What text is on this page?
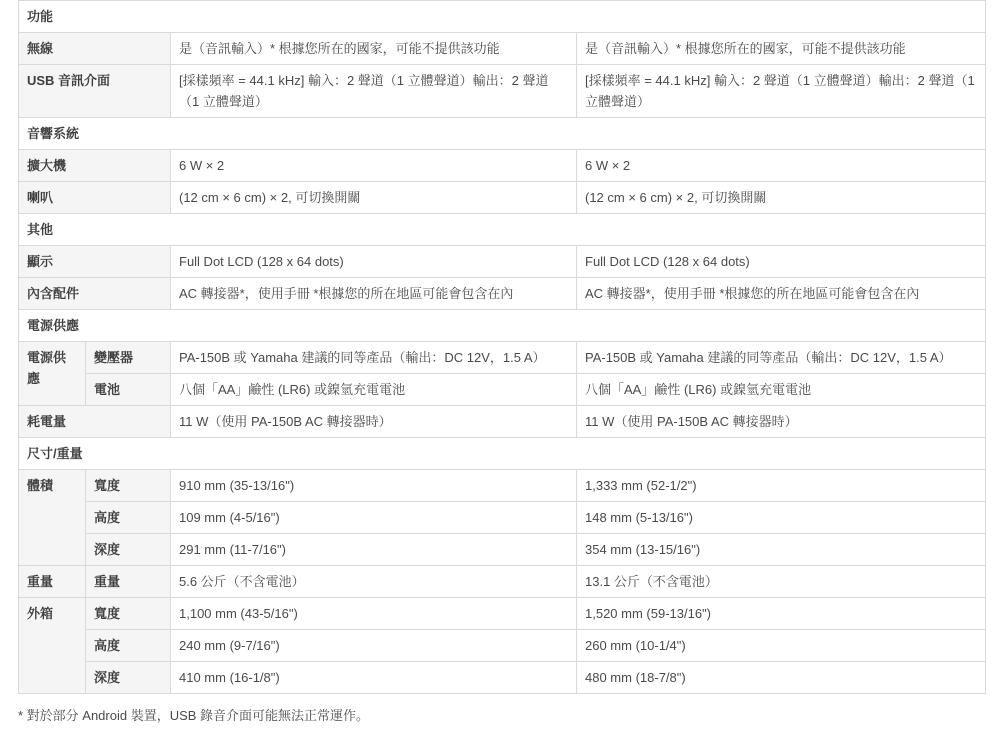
功能			
無線		是（音訊輸入）* 根據您所在的國家，可能不提供該功能	是（音訊輸入）* 根據您所在的國家，可能不提供該功能
USB 音訊介面		[採樣頻率 = 44.1 kHz] 輸入：2 聲道（1 立體聲道）輸出：2 聲道（1 立體聲道）	[採樣頻率 = 44.1 kHz] 輸入：2 聲道（1 立體聲道）輸出：2 聲道（1 立體聲道）
音響系統			
擴大機		6 W × 2	6 W × 2
喇叭		(12 cm × 6 cm) × 2, 可切換開關	(12 cm × 6 cm) × 2, 可切換開關
其他			
顯示		Full Dot LCD (128 x 64 dots)	Full Dot LCD (128 x 64 dots)
內含配件		AC 轉接器*，使用手冊 *根據您的所在地區可能會包含在內	AC 轉接器*，使用手冊 *根據您的所在地區可能會包含在內
電源供應			
電源供應	變壓器	PA-150B 或 Yamaha 建議的同等產品（輸出：DC 12V，1.5 A）	PA-150B 或 Yamaha 建議的同等產品（輸出：DC 12V，1.5 A）
	電池	八個「AA」鹼性 (LR6) 或鎳氫充電電池	八個「AA」鹼性 (LR6) 或鎳氫充電電池
耗電量		11 W（使用 PA-150B AC 轉接器時）	11 W（使用 PA-150B AC 轉接器時）
尺寸/重量			
體積	寬度	910 mm (35-13/16")	1,333 mm (52-1/2")
	高度	109 mm (4-5/16")	148 mm (5-13/16")
	深度	291 mm (11-7/16")	354 mm (13-15/16")
重量	重量	5.6 公斤（不含電池）	13.1 公斤（不含電池）
外箱	寬度	1,100 mm (43-5/16")	1,520 mm (59-13/16")
	高度	240 mm (9-7/16")	260 mm (10-1/4")
	深度	410 mm (16-1/8")	480 mm (18-7/8")

* 對於部分 Android 裝置，USB 錄音介面可能無法正常運作。
